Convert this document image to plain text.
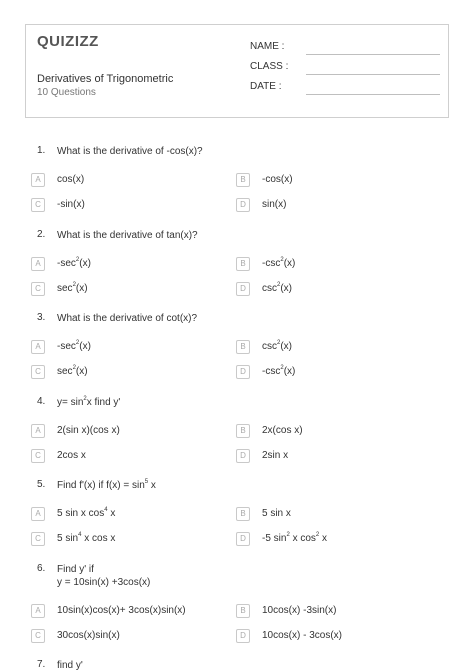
QUIZIZZ
Derivatives of Trigonometric
10 Questions
NAME :
CLASS :
DATE :
1. What is the derivative of -cos(x)?
A	cos(x)	B	-cos(x)
C	-sin(x)	D	sin(x)
2. What is the derivative of tan(x)?
A	$-\sec^2(x)$	B	$-\csc^2(x)$
C	$\sec^2(x)$	D	$\csc^2(x)$
3. What is the derivative of cot(x)?
A	$-\sec^2(x)$	B	$\csc^2(x)$
C	$\sec^2(x)$	D	$-\csc^2(x)$
4. $y= \sin^2x$ find y'
A	2(sin x)(cos x)	B	2x(cos x)
C	2cos x	D	2sin x
5. Find f'(x) if $f(x) = \sin^5 x$
A	5 sin x $\cos^4 x$	B	5 sin x
C	5 $\sin^4 x$ cos x	D	-5 $\sin^2 x$ $\cos^2 x$
6. Find y' if
y = 10sin(x) +3cos(x)
A	10sin(x)cos(x)+ 3cos(x)sin(x)	B	10cos(x) -3sin(x)
C	30cos(x)sin(x)	D	10cos(x) - 3cos(x)
7. find y'
